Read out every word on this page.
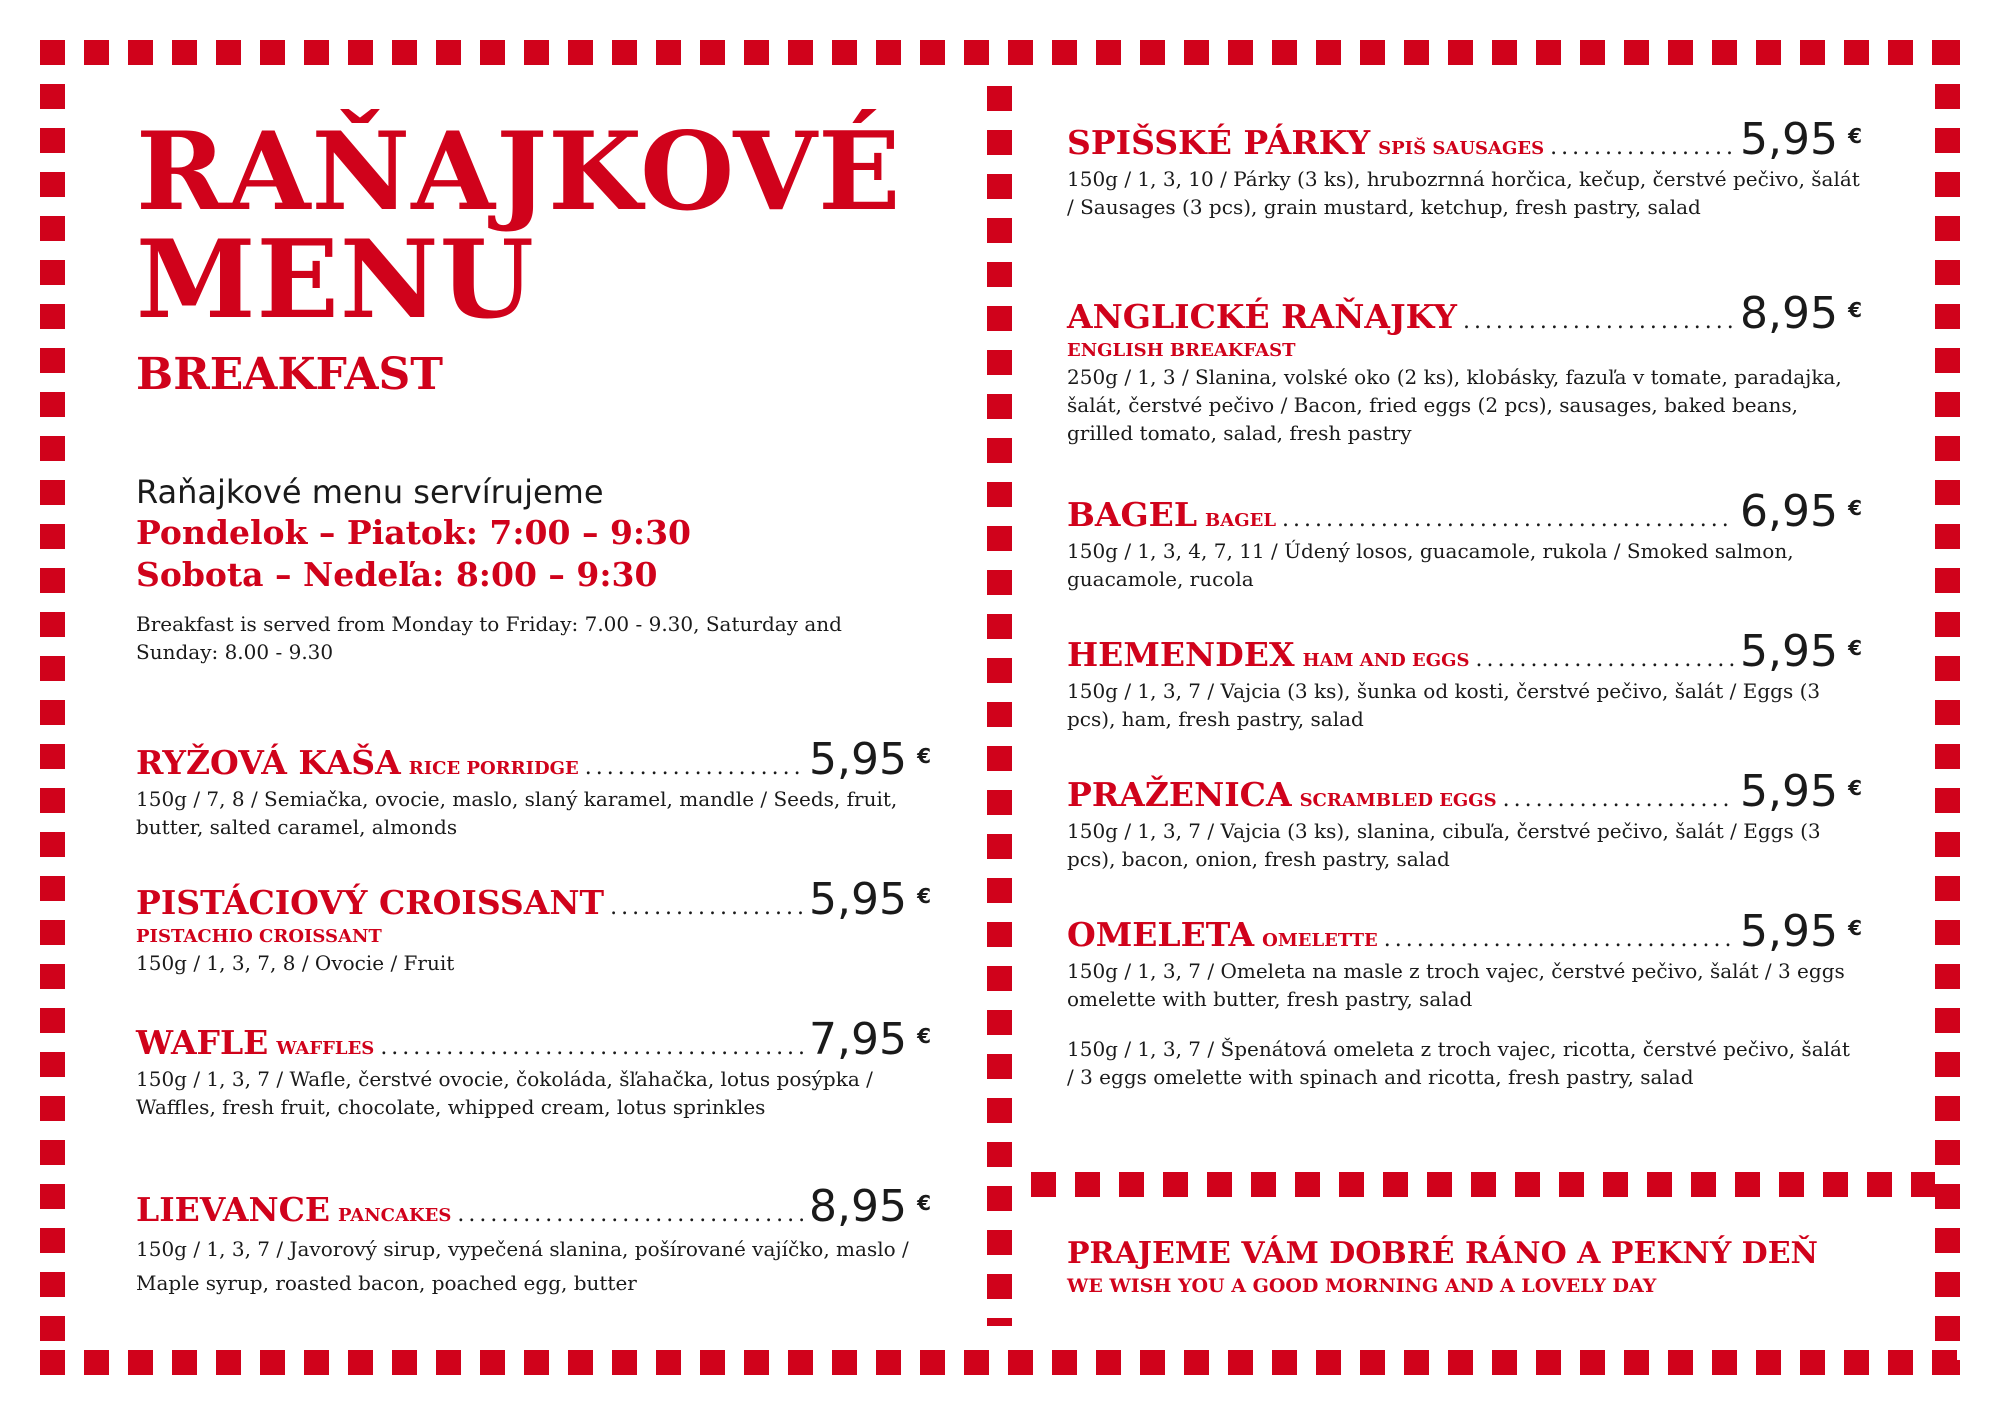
RAŇAJKOVÉ
MENU
BREAKFAST
Raňajkové menu servírujeme
Pondelok – Piatok: 7:00 – 9:30
Sobota – Nedeľa: 8:00 – 9:30
Breakfast is served from Monday to Friday: 7.00 - 9.30, Saturday and Sunday: 8.00 - 9.30
RYŽOVÁ KAŠA RICE PORRIDGE .....	5,95 €
150g / 7, 8 / Semiačka, ovocie, maslo, slaný karamel, mandle / Seeds, fruit, butter, salted caramel, almonds
PISTÁCIOVÝ CROISSANT .....	5,95 €
PISTACHIO CROISSANT
150g / 1, 3, 7, 8 / Ovocie / Fruit
WAFLE WAFFLES .....	7,95 €
150g / 1, 3, 7 / Wafle, čerstvé ovocie, čokoláda, šľahačka, lotus posýpka / Waffles, fresh fruit, chocolate, whipped cream, lotus sprinkles
LIEVANCE PANCAKES .....	8,95 €
150g / 1, 3, 7 / Javorový sirup, vypečená slanina, pošírované vajíčko, maslo / Maple syrup, roasted bacon, poached egg, butter
SPIŠSKÉ PÁRKY SPIŠ SAUSAGES .....	5,95 €
150g / 1, 3, 10 / Párky (3 ks), hrubozrnná horčica, kečup, čerstvé pečivo, šalát / Sausages (3 pcs), grain mustard, ketchup, fresh pastry, salad
ANGLICKÉ RAŇAJKY .....	8,95 €
ENGLISH BREAKFAST
250g / 1, 3 / Slanina, volské oko (2 ks), klobásky, fazuľa v tomate, paradajka, šalát, čerstvé pečivo / Bacon, fried eggs (2 pcs), sausages, baked beans, grilled tomato, salad, fresh pastry
BAGEL BAGEL .....	6,95 €
150g / 1, 3, 4, 7, 11 / Údený losos, guacamole, rukola / Smoked salmon, guacamole, rucola
HEMENDEX HAM AND EGGS .....	5,95 €
150g / 1, 3, 7 / Vajcia (3 ks), šunka od kosti, čerstvé pečivo, šalát / Eggs (3 pcs), ham, fresh pastry, salad
PRAŽENICA SCRAMBLED EGGS .....	5,95 €
150g / 1, 3, 7 / Vajcia (3 ks), slanina, cibuľa, čerstvé pečivo, šalát / Eggs (3 pcs), bacon, onion, fresh pastry, salad
OMELETA OMELETTE .....	5,95 €
150g / 1, 3, 7 / Omeleta na masle z troch vajec, čerstvé pečivo, šalát / 3 eggs omelette with butter, fresh pastry, salad
150g / 1, 3, 7 / Špenátová omeleta z troch vajec, ricotta, čerstvé pečivo, šalát / 3 eggs omelette with spinach and ricotta, fresh pastry, salad
PRAJEME VÁM DOBRÉ RÁNO A PEKNÝ DEŇ
WE WISH YOU A GOOD MORNING AND A LOVELY DAY
